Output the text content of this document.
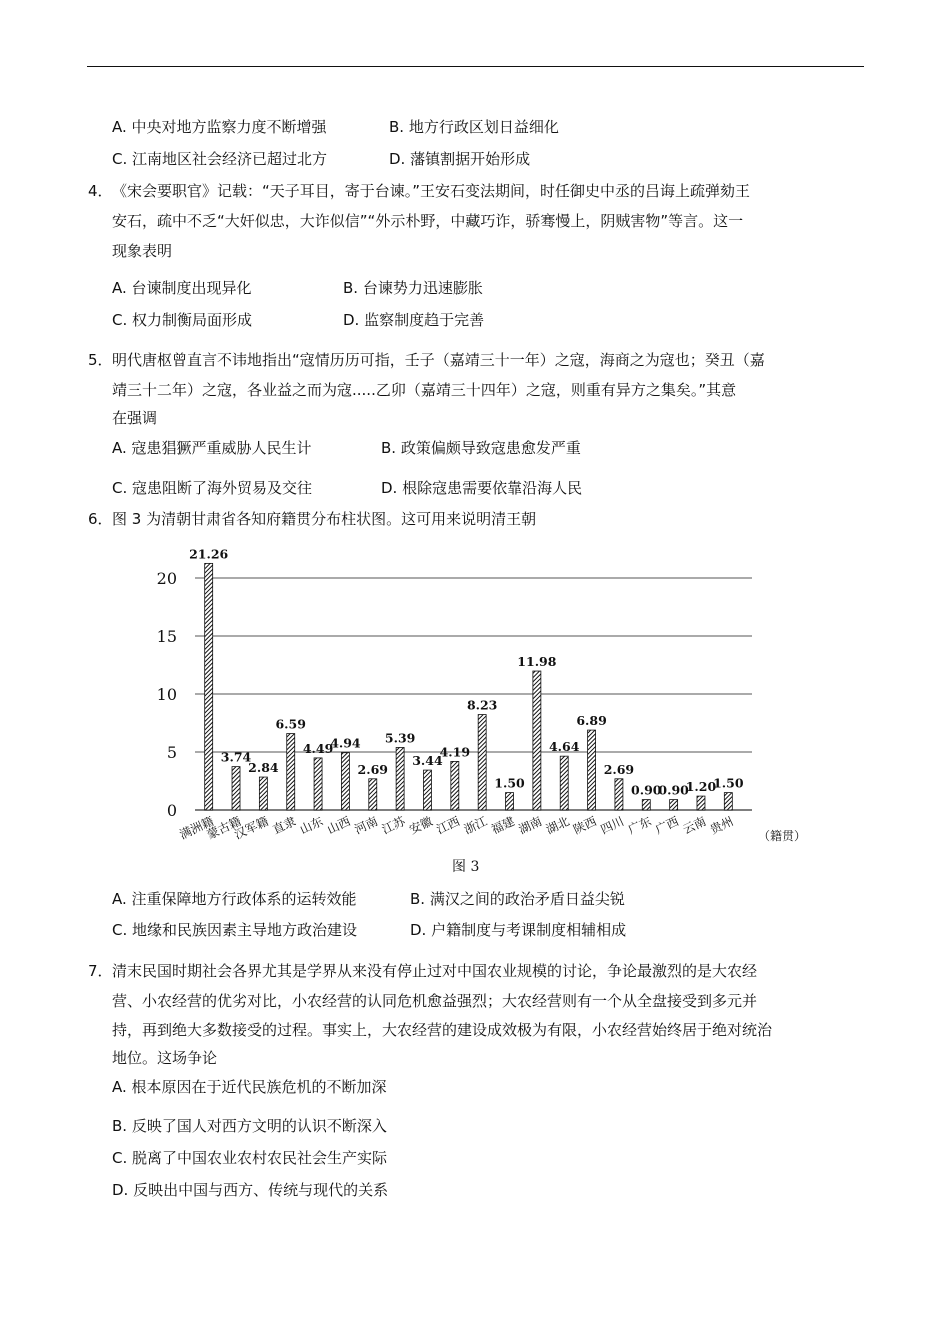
A. 中央对地方监察力度不断增强	B. 地方行政区划日益细化
C. 江南地区社会经济已超过北方	D. 藩镇割据开始形成
4． 《宋会要职官》记载：“天子耳目，寄于台谏。”王安石变法期间，时任御史中丞的吕诲上疏弹劾王
安石，疏中不乏“大奸似忠，大诈似信”“外示朴野，中藏巧诈，骄骞慢上，阴贼害物”等言。这一
现象表明
A. 台谏制度出现异化	B. 台谏势力迅速膨胀
C. 权力制衡局面形成	D. 监察制度趋于完善
5． 明代唐枢曾直言不讳地指出“寇情历历可指，壬子（嘉靖三十一年）之寇，海商之为寇也；癸丑（嘉
靖三十二年）之寇，各业益之而为寇.....乙卯（嘉靖三十四年）之寇，则重有异方之集矣。”其意
在强调
A. 寇患猖獗严重威胁人民生计	B. 政策偏颇导致寇患愈发严重
C. 寇患阻断了海外贸易及交往	D. 根除寇患需要依靠沿海人民
6． 图 3 为清朝甘肃省各知府籍贯分布柱状图。这可用来说明清王朝
0
5
10
15
20
21.26
3.74
2.84
6.59
4.49
4.94
2.69
5.39
3.44
4.19
8.23
1.50
11.98
4.64
6.89
2.69
0.90
0.90
1.20
1.50
满洲籍
蒙古籍
汉军籍 直隶 山东 山西 河南 江苏 安徽 江西 浙江 福建 湖南 湖北 陕西 四川 广东 广西 云南 贵州 （籍贯）
图 3
A. 注重保障地方行政体系的运转效能	B. 满汉之间的政治矛盾日益尖锐
C. 地缘和民族因素主导地方政治建设	D. 户籍制度与考课制度相辅相成
7． 清末民国时期社会各界尤其是学界从来没有停止过对中国农业规模的讨论，争论最激烈的是大农经
营、小农经营的优劣对比，小农经营的认同危机愈益强烈；大农经营则有一个从全盘接受到多元并
持，再到绝大多数接受的过程。事实上，大农经营的建设成效极为有限，小农经营始终居于绝对统治
地位。这场争论
A. 根本原因在于近代民族危机的不断加深
B. 反映了国人对西方文明的认识不断深入
C. 脱离了中国农业农村农民社会生产实际
D. 反映出中国与西方、传统与现代的关系
